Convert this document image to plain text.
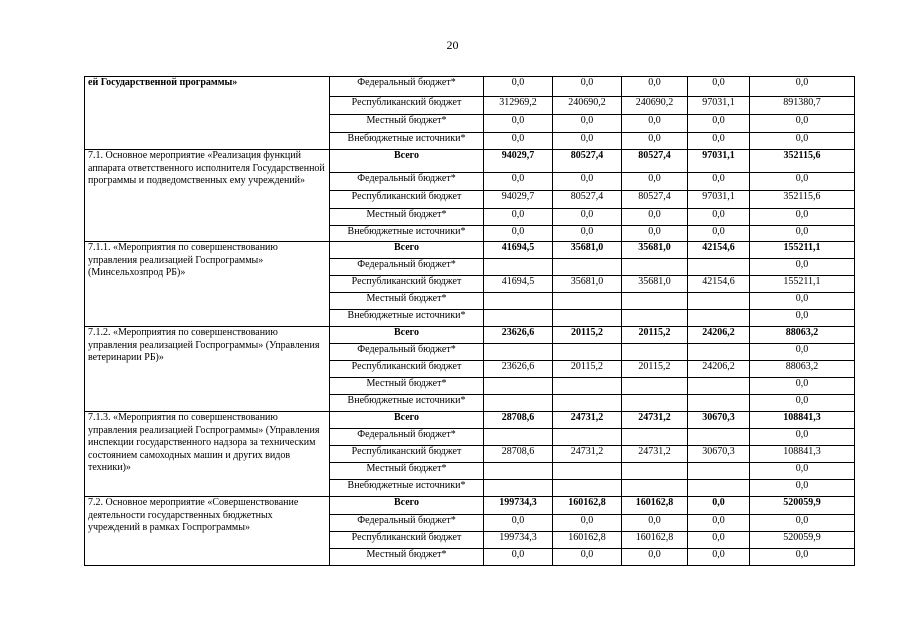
20
ей Государственной программы»	Федеральный бюджет*	0,0	0,0	0,0	0,0	0,0
	Республиканский бюджет	312969,2	240690,2	240690,2	97031,1	891380,7
	Местный бюджет*	0,0	0,0	0,0	0,0	0,0
	Внебюджетные источники*	0,0	0,0	0,0	0,0	0,0
7.1. Основное мероприятие «Реализация функций аппарата ответственного исполнителя Государственной программы и подведомственных ему учреждений»	Всего	94029,7	80527,4	80527,4	97031,1	352115,6
	Федеральный бюджет*	0,0	0,0	0,0	0,0	0,0
	Республиканский бюджет	94029,7	80527,4	80527,4	97031,1	352115,6
	Местный бюджет*	0,0	0,0	0,0	0,0	0,0
	Внебюджетные источники*	0,0	0,0	0,0	0,0	0,0
7.1.1. «Мероприятия по совершенствованию управления реализацией Госпрограммы» (Минсельхозпрод РБ)»	Всего	41694,5	35681,0	35681,0	42154,6	155211,1
	Федеральный бюджет*					0,0
	Республиканский бюджет	41694,5	35681,0	35681,0	42154,6	155211,1
	Местный бюджет*					0,0
	Внебюджетные источники*					0,0
7.1.2. «Мероприятия по совершенствованию управления реализацией Госпрограммы» (Управления ветеринарии РБ)»	Всего	23626,6	20115,2	20115,2	24206,2	88063,2
	Федеральный бюджет*					0,0
	Республиканский бюджет	23626,6	20115,2	20115,2	24206,2	88063,2
	Местный бюджет*					0,0
	Внебюджетные источники*					0,0
7.1.3. «Мероприятия по совершенствованию управления реализацией Госпрограммы» (Управления инспекции государственного надзора за техническим состоянием самоходных машин и других видов техники)»	Всего	28708,6	24731,2	24731,2	30670,3	108841,3
	Федеральный бюджет*					0,0
	Республиканский бюджет	28708,6	24731,2	24731,2	30670,3	108841,3
	Местный бюджет*					0,0
	Внебюджетные источники*					0,0
7.2. Основное мероприятие «Совершенствование деятельности государственных бюджетных учреждений в рамках Госпрограммы»	Всего	199734,3	160162,8	160162,8	0,0	520059,9
	Федеральный бюджет*	0,0	0,0	0,0	0,0	0,0
	Республиканский бюджет	199734,3	160162,8	160162,8	0,0	520059,9
	Местный бюджет*	0,0	0,0	0,0	0,0	0,0
